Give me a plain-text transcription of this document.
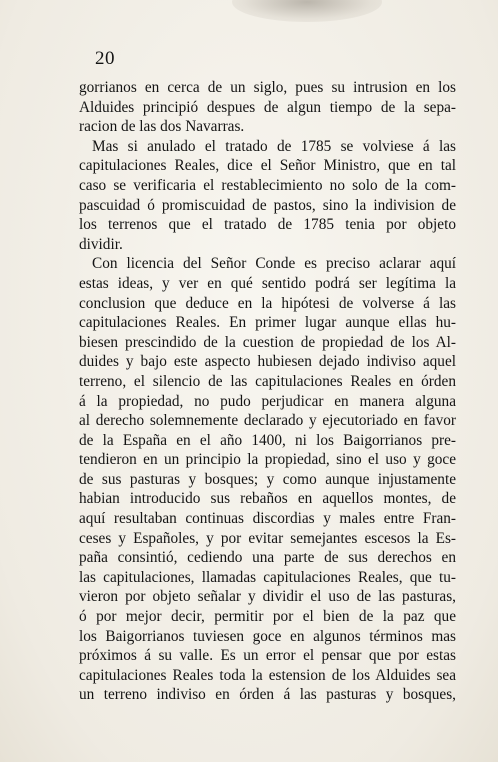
20
gorrianos en cerca de un siglo, pues su intrusion en los
Alduides principió despues de algun tiempo de la sepa-
racion de las dos Navarras.
Mas si anulado el tratado de 1785 se volviese á las
capitulaciones Reales, dice el Señor Ministro, que en tal
caso se verificaria el restablecimiento no solo de la com-
pascuidad ó promiscuidad de pastos, sino la indivision de
los terrenos que el tratado de 1785 tenia por objeto
dividir.
Con licencia del Señor Conde es preciso aclarar aquí
estas ideas, y ver en qué sentido podrá ser legítima la
conclusion que deduce en la hipótesi de volverse á las
capitulaciones Reales. En primer lugar aunque ellas hu-
biesen prescindido de la cuestion de propiedad de los Al-
duides y bajo este aspecto hubiesen dejado indiviso aquel
terreno, el silencio de las capitulaciones Reales en órden
á la propiedad, no pudo perjudicar en manera alguna
al derecho solemnemente declarado y ejecutoriado en favor
de la España en el año 1400, ni los Baigorrianos pre-
tendieron en un principio la propiedad, sino el uso y goce
de sus pasturas y bosques; y como aunque injustamente
habian introducido sus rebaños en aquellos montes, de
aquí resultaban continuas discordias y males entre Fran-
ceses y Españoles, y por evitar semejantes escesos la Es-
paña consintió, cediendo una parte de sus derechos en
las capitulaciones, llamadas capitulaciones Reales, que tu-
vieron por objeto señalar y dividir el uso de las pasturas,
ó por mejor decir, permitir por el bien de la paz que
los Baigorrianos tuviesen goce en algunos términos mas
próximos á su valle. Es un error el pensar que por estas
capitulaciones Reales toda la estension de los Alduides sea
un terreno indiviso en órden á las pasturas y bosques,
